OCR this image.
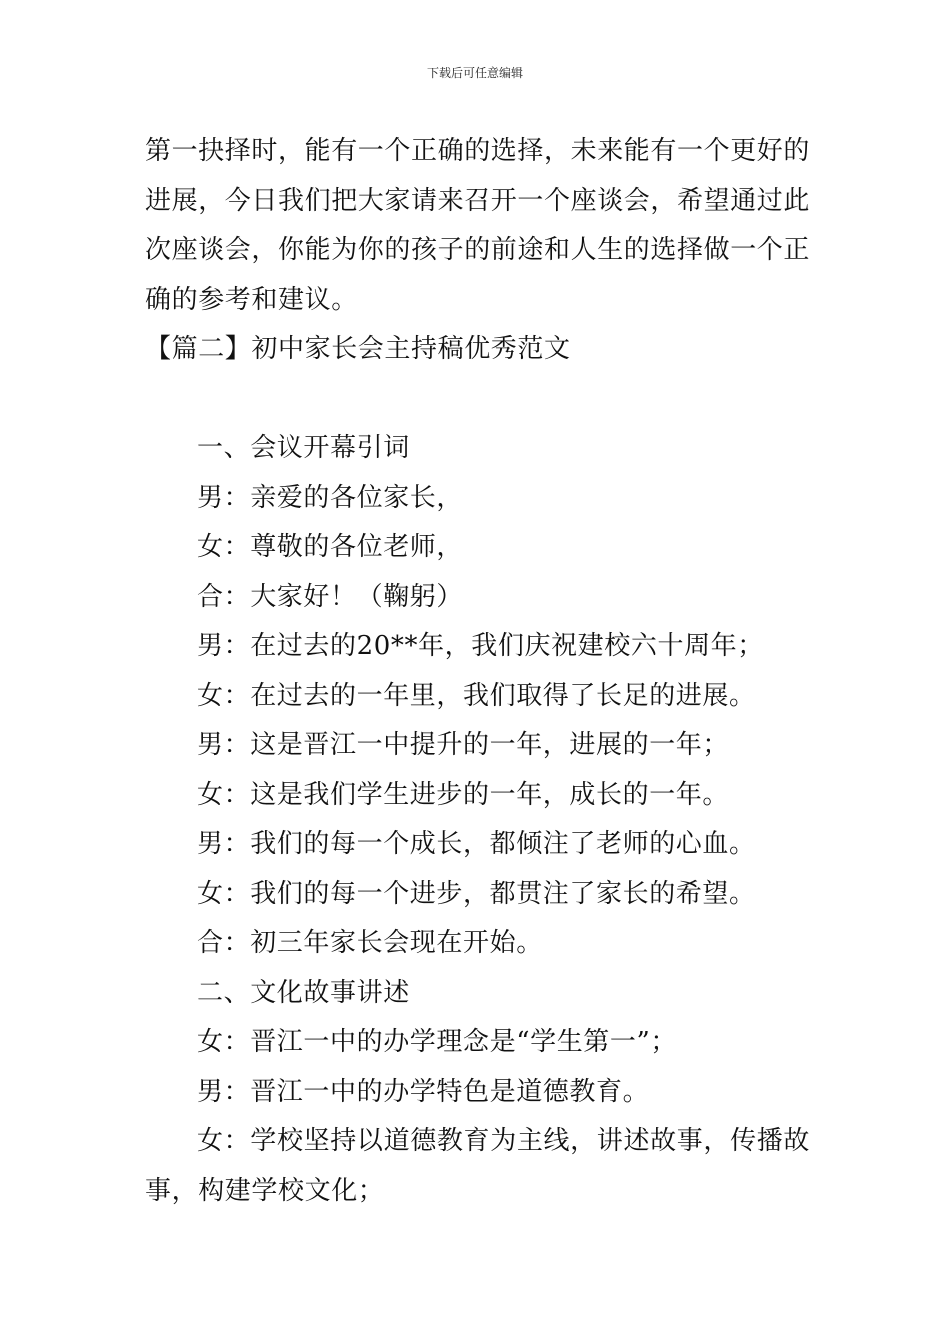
下载后可任意编辑

第一抉择时，能有一个正确的选择，未来能有一个更好的进展，今日我们把大家请来召开一个座谈会，希望通过此次座谈会，你能为你的孩子的前途和人生的选择做一个正确的参考和建议。

【篇二】初中家长会主持稿优秀范文

一、会议开幕引词

男：亲爱的各位家长，

女：尊敬的各位老师，

合：大家好！（鞠躬）

男：在过去的20**年，我们庆祝建校六十周年；

女：在过去的一年里，我们取得了长足的进展。

男：这是晋江一中提升的一年，进展的一年；

女：这是我们学生进步的一年，成长的一年。

男：我们的每一个成长，都倾注了老师的心血。

女：我们的每一个进步，都贯注了家长的希望。

合：初三年家长会现在开始。

二、文化故事讲述

女：晋江一中的办学理念是“学生第一”；

男：晋江一中的办学特色是道德教育。

女：学校坚持以道德教育为主线，讲述故事，传播故事，构建学校文化；
